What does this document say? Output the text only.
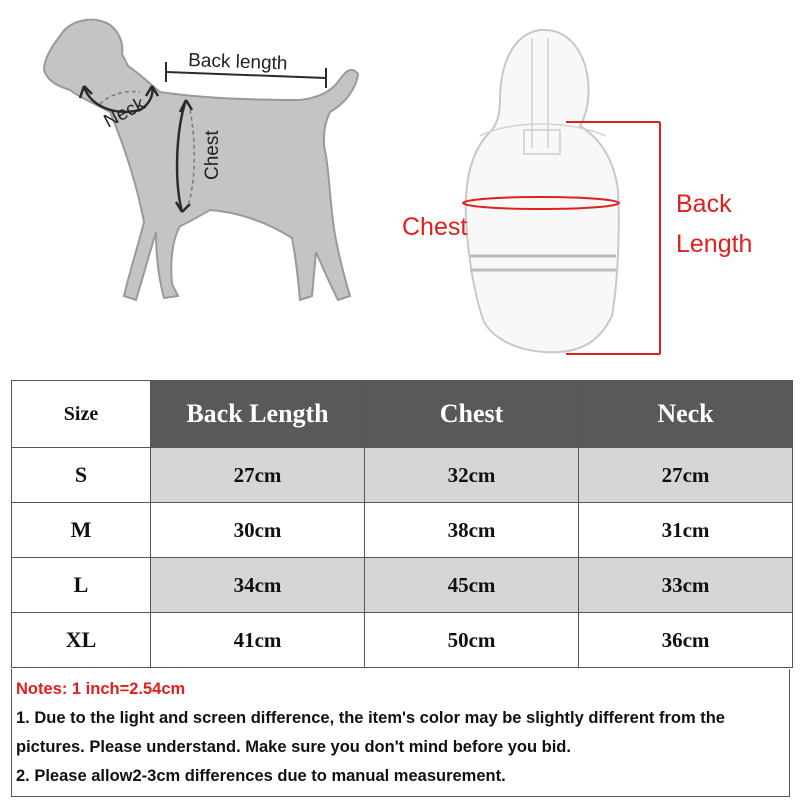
Back length
Neck
Chest
Chest
Back
Length
Size	Back Length	Chest	Neck
S	27cm	32cm	27cm
M	30cm	38cm	31cm
L	34cm	45cm	33cm
XL	41cm	50cm	36cm
Notes: 1 inch=2.54cm
1. Due to the light and screen difference, the item's color may be slightly different from the
pictures. Please understand. Make sure you don't mind before you bid.
2. Please allow2-3cm differences due to manual measurement.
